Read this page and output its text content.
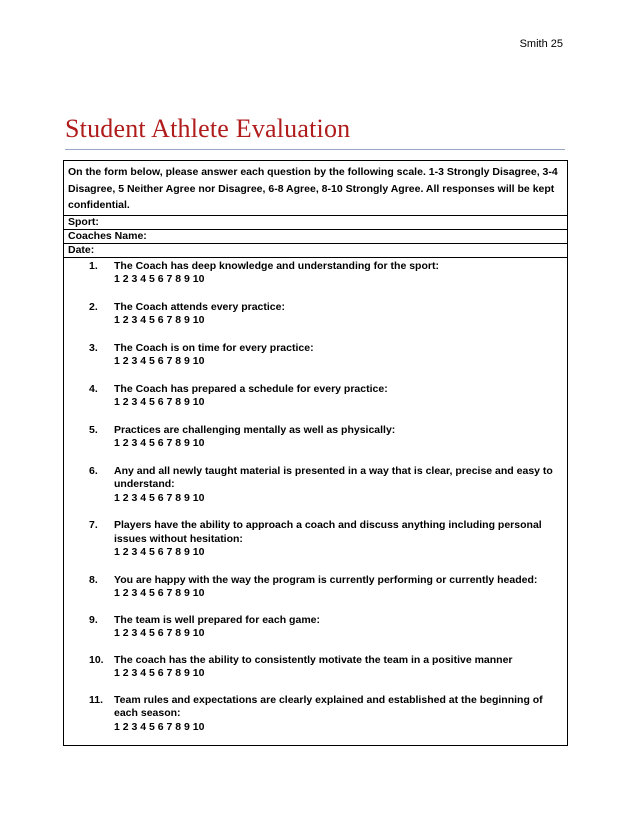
Smith 25
Student Athlete Evaluation
On the form below, please answer each question by the following scale. 1-3 Strongly Disagree, 3-4 Disagree, 5 Neither Agree nor Disagree, 6-8 Agree, 8-10 Strongly Agree. All responses will be kept confidential.
Sport:
Coaches Name:
Date:
1. The Coach has deep knowledge and understanding for the sport:
1 2 3 4 5 6 7 8 9 10
2. The Coach attends every practice:
1 2 3 4 5 6 7 8 9 10
3. The Coach is on time for every practice:
1 2 3 4 5 6 7 8 9 10
4. The Coach has prepared a schedule for every practice:
1 2 3 4 5 6 7 8 9 10
5. Practices are challenging mentally as well as physically:
1 2 3 4 5 6 7 8 9 10
6. Any and all newly taught material is presented in a way that is clear, precise and easy to understand:
1 2 3 4 5 6 7 8 9 10
7. Players have the ability to approach a coach and discuss anything including personal issues without hesitation:
1 2 3 4 5 6 7 8 9 10
8. You are happy with the way the program is currently performing or currently headed:
1 2 3 4 5 6 7 8 9 10
9. The team is well prepared for each game:
1 2 3 4 5 6 7 8 9 10
10. The coach has the ability to consistently motivate the team in a positive manner
1 2 3 4 5 6 7 8 9 10
11. Team rules and expectations are clearly explained and established at the beginning of each season:
1 2 3 4 5 6 7 8 9 10
